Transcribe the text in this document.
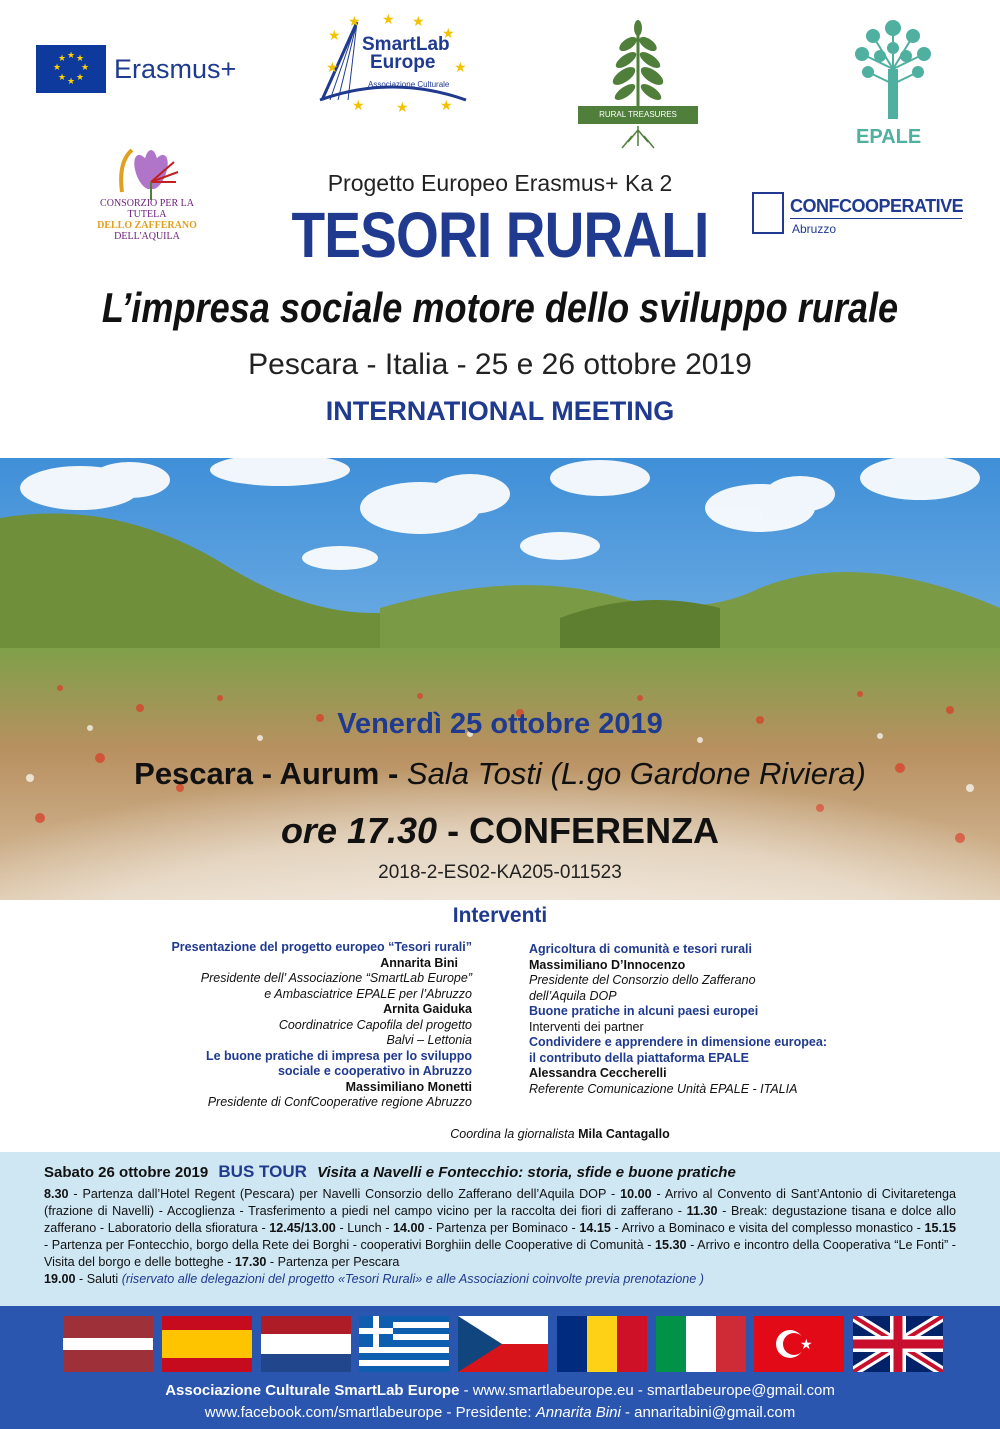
★ ★
★
★
★
★
★
★ Erasmus+
★ ★ ★
★
★
★
★
★
★
★ SmartLab
Europe
Associazione Culturale
RURAL TREASURES
EPALE
CONSORZIO PER LA TUTELA
DELLO ZAFFERANO
DELL'AQUILA
CONFCOOPERATIVE
Abruzzo
Progetto Europeo Erasmus+ Ka 2
TESORI RURALI
L’impresa sociale motore dello sviluppo rurale
Pescara - Italia - 25 e 26 ottobre 2019
INTERNATIONAL MEETING
Venerdì 25 ottobre 2019
Pescara - Aurum - Sala Tosti (L.go Gardone Riviera)
ore 17.30 - CONFERENZA
2018-2-ES02-KA205-011523
Interventi
Presentazione del progetto europeo “Tesori rurali”
Annarita Bini
Presidente dell’ Associazione “SmartLab Europe”
e Ambasciatrice EPALE per l’Abruzzo
Arnita Gaiduka
Coordinatrice Capofila del progetto
Balvi – Lettonia
Le buone pratiche di impresa per lo sviluppo
sociale e cooperativo in Abruzzo
Massimiliano Monetti
Presidente di ConfCooperative regione Abruzzo
Agricoltura di comunità e tesori rurali
Massimiliano D’Innocenzo
Presidente del Consorzio dello Zafferano
dell’Aquila DOP
Buone pratiche in alcuni paesi europei
Interventi dei partner
Condividere e apprendere in dimensione europea:
il contributo della piattaforma EPALE
Alessandra Ceccherelli
Referente Comunicazione Unità EPALE - ITALIA
Coordina la giornalista Mila Cantagallo
Sabato 26 ottobre 2019 BUS TOUR Visita a Navelli e Fontecchio: storia, sfide e buone pratiche
8.30 - Partenza dall’Hotel Regent (Pescara) per Navelli Consorzio dello Zafferano dell’Aquila DOP - 10.00 - Arrivo al Convento di Sant’Antonio di Civitaretenga (frazione di Navelli) - Accoglienza - Trasferimento a piedi nel campo vicino per la raccolta dei fiori di zafferano - 11.30 - Break: degustazione tisana e dolce allo zafferano - Laboratorio della sfioratura - 12.45/13.00 - Lunch - 14.00 - Partenza per Bominaco - 14.15 - Arrivo a Bominaco e visita del complesso monastico - 15.15 - Partenza per Fontecchio, borgo della Rete dei Borghi - cooperativi Borghiin delle Cooperative di Comunità - 15.30 - Arrivo e incontro della Cooperativa “Le Fonti” - Visita del borgo e delle botteghe - 17.30 - Partenza per Pescara
19.00 - Saluti (riservato alle delegazioni del progetto «Tesori Rurali» e alle Associazioni coinvolte previa prenotazione )
★
Associazione Culturale SmartLab Europe - www.smartlabeurope.eu - smartlabeurope@gmail.com
www.facebook.com/smartlabeurope - Presidente: Annarita Bini - annaritabini@gmail.com
